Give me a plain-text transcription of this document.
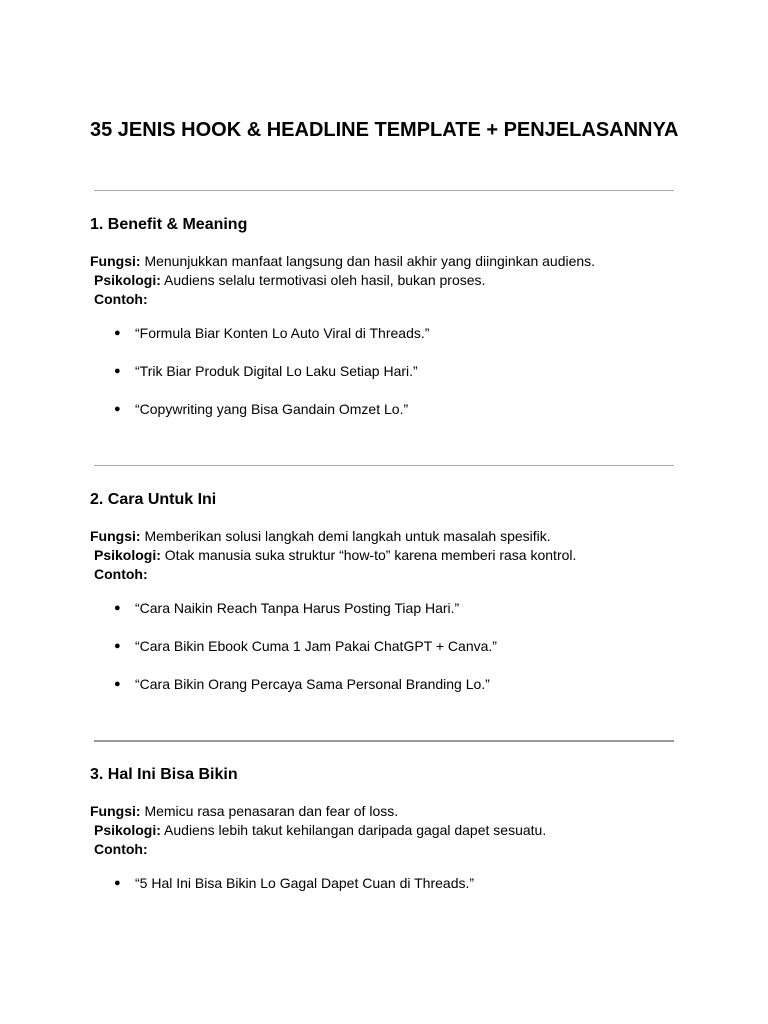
35 JENIS HOOK & HEADLINE TEMPLATE + PENJELASANNYA
1. Benefit & Meaning
Fungsi: Menunjukkan manfaat langsung dan hasil akhir yang diinginkan audiens.
Psikologi: Audiens selalu termotivasi oleh hasil, bukan proses.
Contoh:
● “Formula Biar Konten Lo Auto Viral di Threads.”
● “Trik Biar Produk Digital Lo Laku Setiap Hari.”
● “Copywriting yang Bisa Gandain Omzet Lo.”
2. Cara Untuk Ini
Fungsi: Memberikan solusi langkah demi langkah untuk masalah spesifik.
Psikologi: Otak manusia suka struktur “how-to” karena memberi rasa kontrol.
Contoh:
● “Cara Naikin Reach Tanpa Harus Posting Tiap Hari.”
● “Cara Bikin Ebook Cuma 1 Jam Pakai ChatGPT + Canva.”
● “Cara Bikin Orang Percaya Sama Personal Branding Lo.”
3. Hal Ini Bisa Bikin
Fungsi: Memicu rasa penasaran dan fear of loss.
Psikologi: Audiens lebih takut kehilangan daripada gagal dapet sesuatu.
Contoh:
● “5 Hal Ini Bisa Bikin Lo Gagal Dapet Cuan di Threads.”
